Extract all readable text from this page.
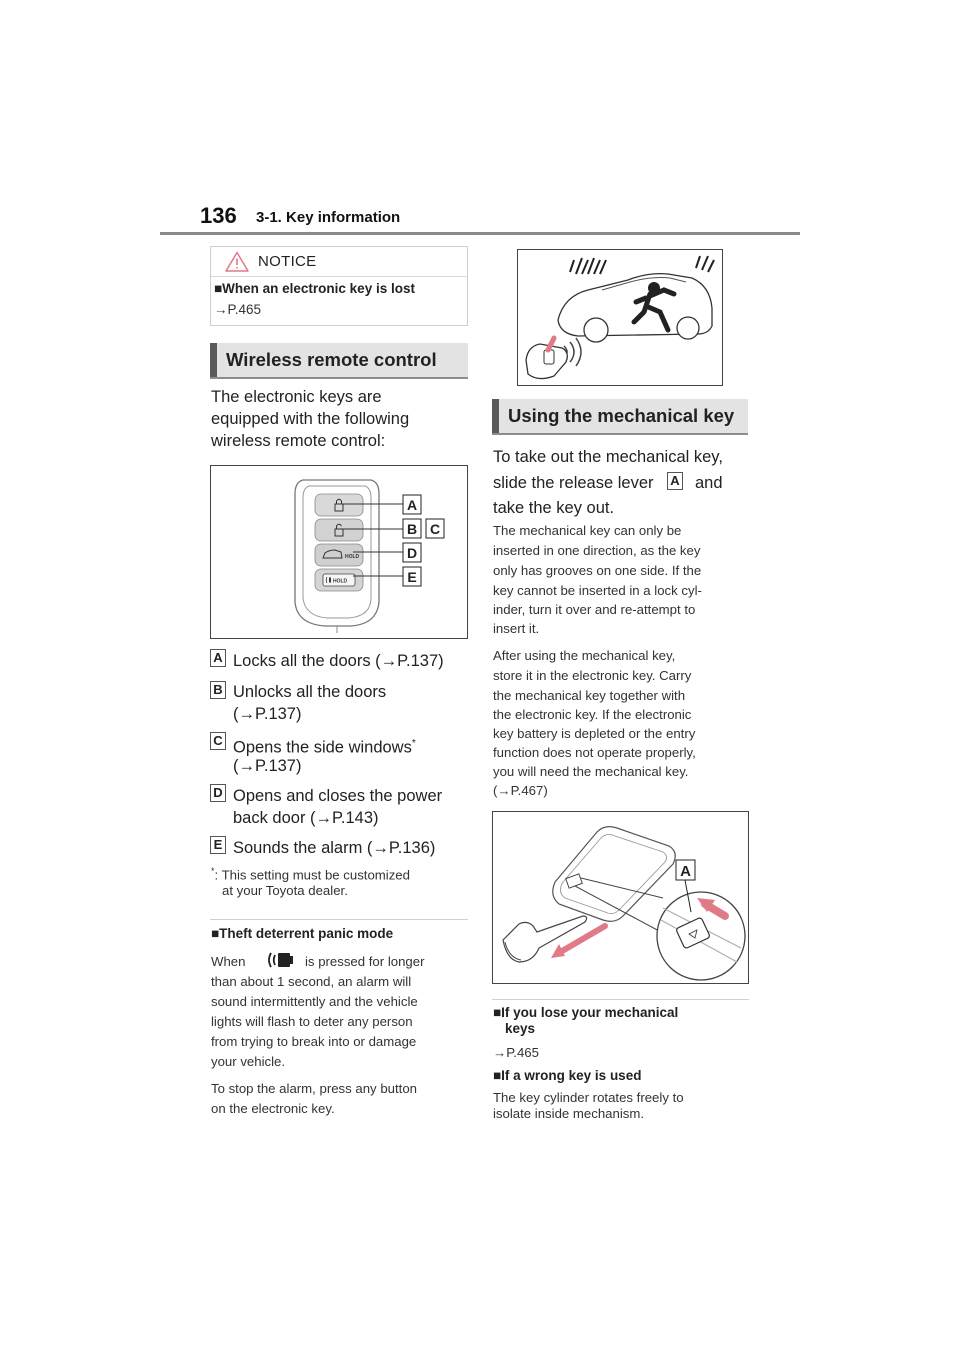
136 3-1. Key information
NOTICE
■When an electronic key is lost
→P.465
Wireless remote control
The electronic keys are
equipped with the following
wireless remote control:
HOLD
HOLD
A
B C
D
E
A Locks all the doors (→P.137)
B Unlocks all the doors
(→P.137)
C Opens the side windows*
(→P.137)
D Opens and closes the power
back door (→P.143)
E Sounds the alarm (→P.136)
*: This setting must be customized
at your Toyota dealer.
■Theft deterrent panic mode
When	is pressed for longer
than about 1 second, an alarm will
sound intermittently and the vehicle
lights will flash to deter any person
from trying to break into or damage
your vehicle.
To stop the alarm, press any button
on the electronic key.
Using the mechanical key
To take out the mechanical key,
slide the release lever A and
take the key out.
The mechanical key can only be
inserted in one direction, as the key
only has grooves on one side. If the
key cannot be inserted in a lock cyl-
inder, turn it over and re-attempt to
insert it.
After using the mechanical key,
store it in the electronic key. Carry
the mechanical key together with
the electronic key. If the electronic
key battery is depleted or the entry
function does not operate properly,
you will need the mechanical key.
(→P.467)
A
■If you lose your mechanical
keys
→P.465
■If a wrong key is used
The key cylinder rotates freely to
isolate inside mechanism.
